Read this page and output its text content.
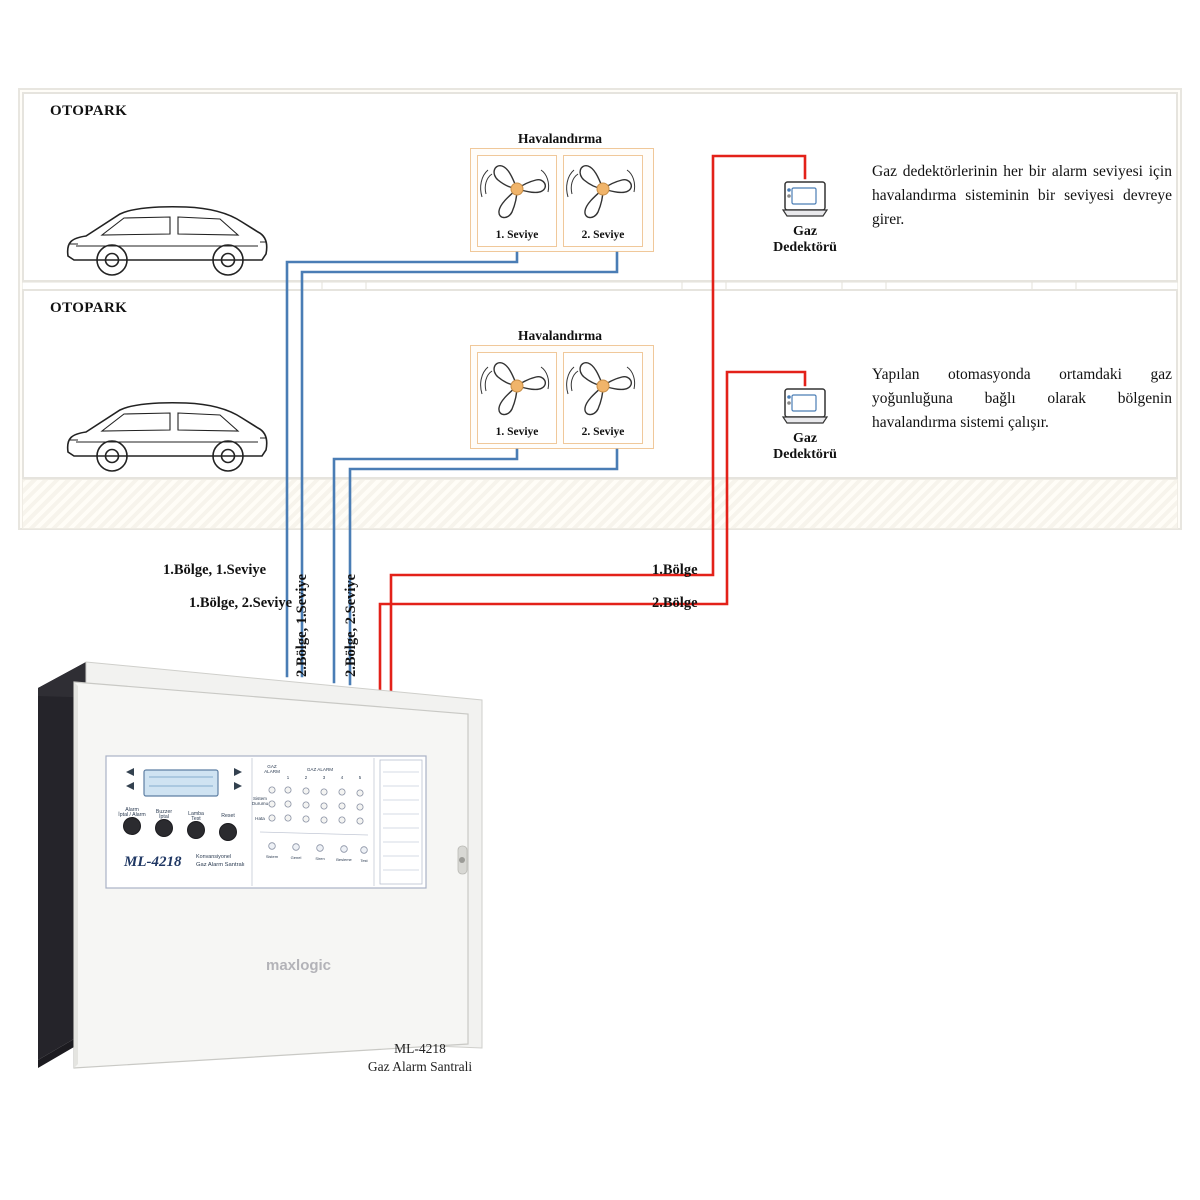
OTOPARK
Havalandırma
1. Seviye	2. Seviye	Gaz
Dedektörü
Gaz dedektörlerinin her bir alarm seviyesi için havalandırma sisteminin bir seviyesi devreye girer.
OTOPARK
Havalandırma
1. Seviye	2. Seviye	Gaz
Dedektörü
Yapılan otomasyonda ortamdaki gaz yoğunluğuna bağlı olarak bölgenin havalandırma sistemi çalışır.
1.Bölge, 1.Seviye
1.Bölge, 2.Seviye 2.Bölge, 1.Seviye 2.Bölge, 2.Seviye
1.Bölge
2.Bölge
Alarm
İptal / Alarm Buzzer
İptal	Lamba
Test	Reset
ML-4218	Konvansiyonel
Gaz Alarm Santralı
GAZ
ALARM	GAZ ALARM
Sistem
Durumu
Hata
1	2	3	4	5
Sistem	Genel	Siren	Besleme Test
maxlogic
ML-4218
Gaz Alarm Santrali
